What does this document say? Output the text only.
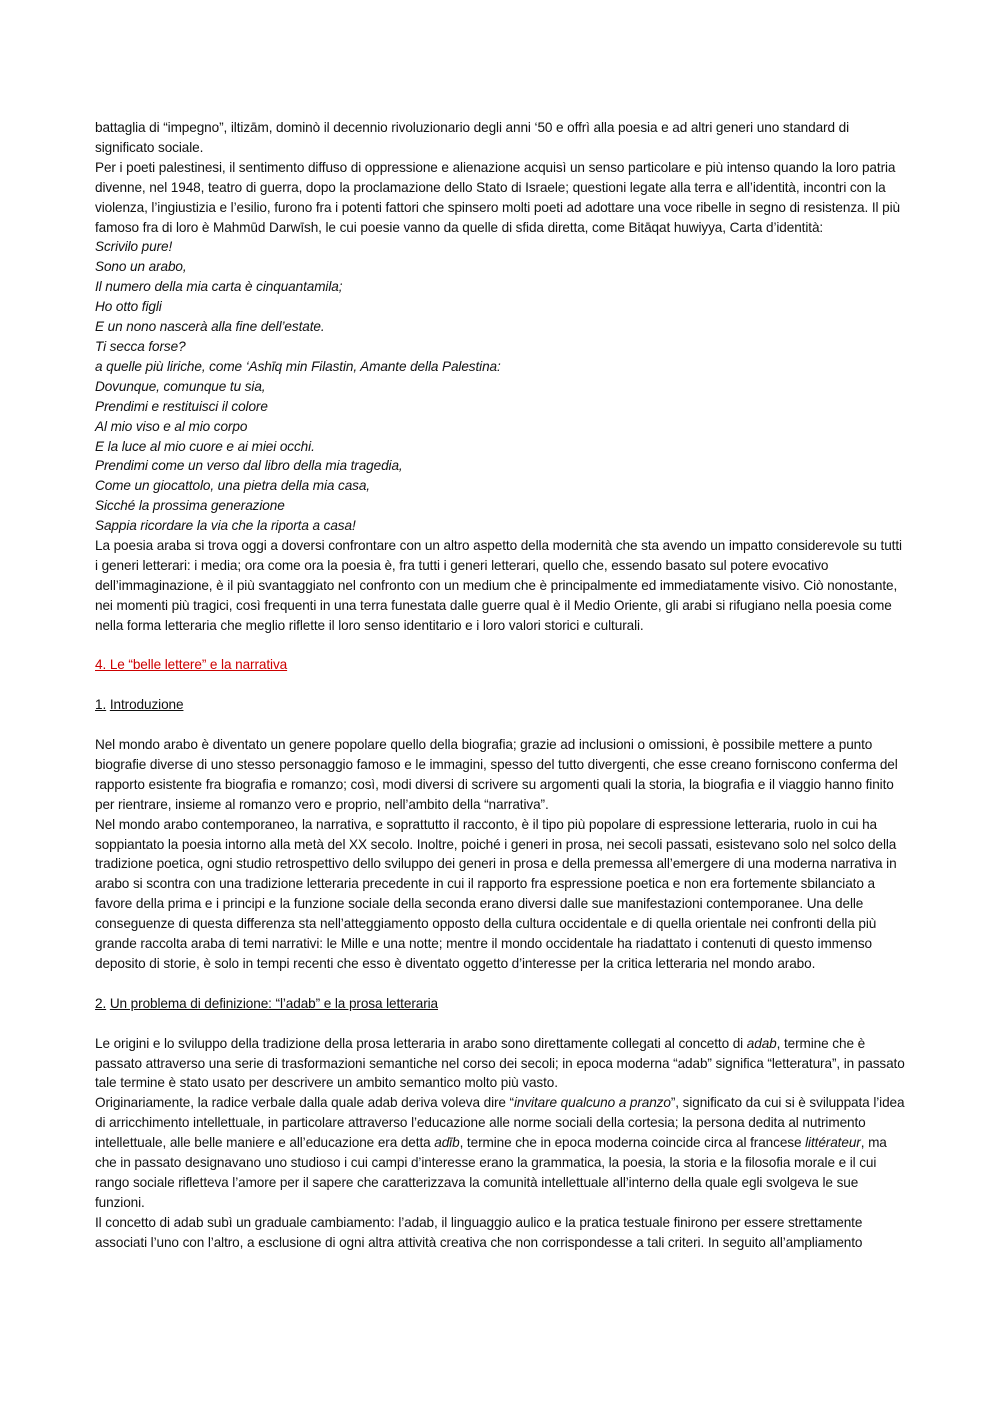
battaglia di “impegno”, iltizām, dominò il decennio rivoluzionario degli anni ‘50 e offrì alla poesia e ad altri generi uno standard di significato sociale.

Per i poeti palestinesi, il sentimento diffuso di oppressione e alienazione acquisì un senso particolare e più intenso quando la loro patria divenne, nel 1948, teatro di guerra, dopo la proclamazione dello Stato di Israele; questioni legate alla terra e all’identità, incontri con la violenza, l’ingiustizia e l’esilio, furono fra i potenti fattori che spinsero molti poeti ad adottare una voce ribelle in segno di resistenza. Il più famoso fra di loro è Mahmūd Darwīsh, le cui poesie vanno da quelle di sfida diretta, come Bitāqat huwiyya, Carta d’identità:

Scrivilo pure!

Sono un arabo,

Il numero della mia carta è cinquantamila;

Ho otto figli

E un nono nascerà alla fine dell’estate.

Ti secca forse?

a quelle più liriche, come ‘Ashīq min Filastin, Amante della Palestina:

Dovunque, comunque tu sia,

Prendimi e restituisci il colore

Al mio viso e al mio corpo

E la luce al mio cuore e ai miei occhi.

Prendimi come un verso dal libro della mia tragedia,

Come un giocattolo, una pietra della mia casa,

Sicché la prossima generazione

Sappia ricordare la via che la riporta a casa!

La poesia araba si trova oggi a doversi confrontare con un altro aspetto della modernità che sta avendo un impatto considerevole su tutti i generi letterari: i media; ora come ora la poesia è, fra tutti i generi letterari, quello che, essendo basato sul potere evocativo dell’immaginazione, è il più svantaggiato nel confronto con un medium che è principalmente ed immediatamente visivo. Ciò nonostante, nei momenti più tragici, così frequenti in una terra funestata dalle guerre qual è il Medio Oriente, gli arabi si rifugiano nella poesia come nella forma letteraria che meglio riflette il loro senso identitario e i loro valori storici e culturali.

4. Le “belle lettere” e la narrativa

1. Introduzione

Nel mondo arabo è diventato un genere popolare quello della biografia; grazie ad inclusioni o omissioni, è possibile mettere a punto biografie diverse di uno stesso personaggio famoso e le immagini, spesso del tutto divergenti, che esse creano forniscono conferma del rapporto esistente fra biografia e romanzo; così, modi diversi di scrivere su argomenti quali la storia, la biografia e il viaggio hanno finito per rientrare, insieme al romanzo vero e proprio, nell’ambito della “narrativa”.

Nel mondo arabo contemporaneo, la narrativa, e soprattutto il racconto, è il tipo più popolare di espressione letteraria, ruolo in cui ha soppiantato la poesia intorno alla metà del XX secolo. Inoltre, poiché i generi in prosa, nei secoli passati, esistevano solo nel solco della tradizione poetica, ogni studio retrospettivo dello sviluppo dei generi in prosa e della premessa all’emergere di una moderna narrativa in arabo si scontra con una tradizione letteraria precedente in cui il rapporto fra espressione poetica e non era fortemente sbilanciato a favore della prima e i principi e la funzione sociale della seconda erano diversi dalle sue manifestazioni contemporanee. Una delle conseguenze di questa differenza sta nell’atteggiamento opposto della cultura occidentale e di quella orientale nei confronti della più grande raccolta araba di temi narrativi: le Mille e una notte; mentre il mondo occidentale ha riadattato i contenuti di questo immenso deposito di storie, è solo in tempi recenti che esso è diventato oggetto d’interesse per la critica letteraria nel mondo arabo.

2. Un problema di definizione: “l’adab” e la prosa letteraria

Le origini e lo sviluppo della tradizione della prosa letteraria in arabo sono direttamente collegati al concetto di adab, termine che è passato attraverso una serie di trasformazioni semantiche nel corso dei secoli; in epoca moderna “adab” significa “letteratura”, in passato tale termine è stato usato per descrivere un ambito semantico molto più vasto.

Originariamente, la radice verbale dalla quale adab deriva voleva dire “invitare qualcuno a pranzo”, significato da cui si è sviluppata l’idea di arricchimento intellettuale, in particolare attraverso l’educazione alle norme sociali della cortesia; la persona dedita al nutrimento intellettuale, alle belle maniere e all’educazione era detta adīb, termine che in epoca moderna coincide circa al francese littérateur, ma che in passato designavano uno studioso i cui campi d’interesse erano la grammatica, la poesia, la storia e la filosofia morale e il cui rango sociale rifletteva l’amore per il sapere che caratterizzava la comunità intellettuale all’interno della quale egli svolgeva le sue funzioni.

Il concetto di adab subì un graduale cambiamento: l’adab, il linguaggio aulico e la pratica testuale finirono per essere strettamente associati l’uno con l’altro, a esclusione di ogni altra attività creativa che non corrispondesse a tali criteri. In seguito all’ampliamento
